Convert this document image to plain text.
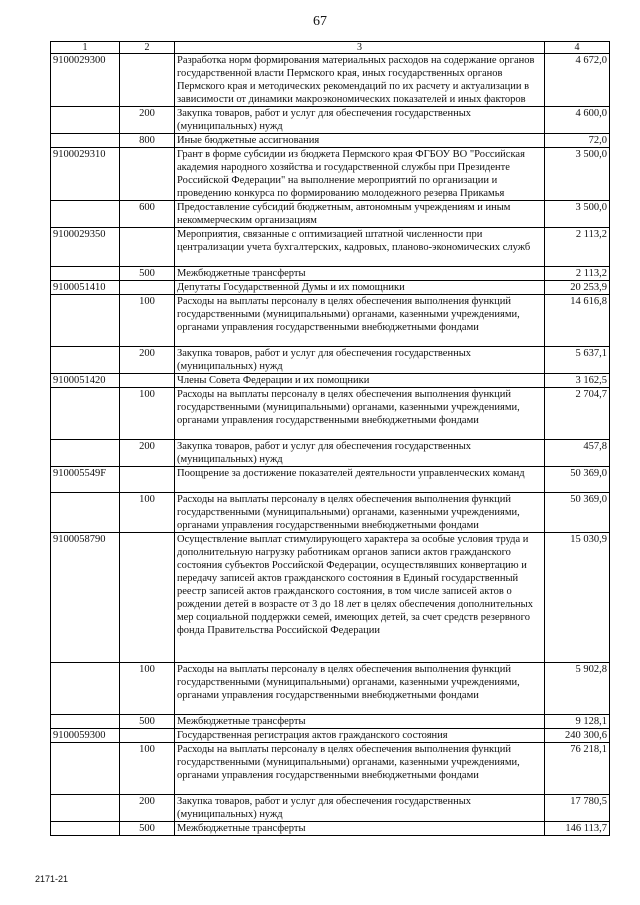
67
1	2	3	4
9100029300		Разработка норм формирования материальных расходов на содержание органов государственной власти Пермского края, иных государственных органов Пермского края и методических рекомендаций по их расчету и актуализации в зависимости от динамики макроэкономических показателей и иных факторов	4 672,0
	200	Закупка товаров, работ и услуг для обеспечения государственных (муниципальных) нужд	4 600,0
	800	Иные бюджетные ассигнования	72,0
9100029310		Грант в форме субсидии из бюджета Пермского края ФГБОУ ВО "Российская академия народного хозяйства и государственной службы при Президенте Российской Федерации" на выполнение мероприятий по организации и проведению конкурса по формированию молодежного резерва Прикамья	3 500,0
	600	Предоставление субсидий бюджетным, автономным учреждениям и иным некоммерческим организациям	3 500,0
9100029350		Мероприятия, связанные с оптимизацией штатной численности при централизации учета бухгалтерских, кадровых, планово-экономических служб	2 113,2
	500	Межбюджетные трансферты	2 113,2
9100051410		Депутаты Государственной Думы и их помощники	20 253,9
	100	Расходы на выплаты персоналу в целях обеспечения выполнения функций государственными (муниципальными) органами, казенными учреждениями, органами управления государственными внебюджетными фондами	14 616,8
	200	Закупка товаров, работ и услуг для обеспечения государственных (муниципальных) нужд	5 637,1
9100051420		Члены Совета Федерации и их помощники	3 162,5
	100	Расходы на выплаты персоналу в целях обеспечения выполнения функций государственными (муниципальными) органами, казенными учреждениями, органами управления государственными внебюджетными фондами	2 704,7
	200	Закупка товаров, работ и услуг для обеспечения государственных (муниципальных) нужд	457,8
910005549F		Поощрение за достижение показателей деятельности управленческих команд	50 369,0
	100	Расходы на выплаты персоналу в целях обеспечения выполнения функций государственными (муниципальными) органами, казенными учреждениями, органами управления государственными внебюджетными фондами	50 369,0
9100058790		Осуществление выплат стимулирующего характера за особые условия труда и дополнительную нагрузку работникам органов записи актов гражданского состояния субъектов Российской Федерации, осуществлявших конвертацию и передачу записей актов гражданского состояния в Единый государственный реестр записей актов гражданского состояния, в том числе записей актов о рождении детей в возрасте от 3 до 18 лет в целях обеспечения дополнительных мер социальной поддержки семей, имеющих детей, за счет средств резервного фонда Правительства Российской Федерации	15 030,9
	100	Расходы на выплаты персоналу в целях обеспечения выполнения функций государственными (муниципальными) органами, казенными учреждениями, органами управления государственными внебюджетными фондами	5 902,8
	500	Межбюджетные трансферты	9 128,1
9100059300		Государственная регистрация актов гражданского состояния	240 300,6
	100	Расходы на выплаты персоналу в целях обеспечения выполнения функций государственными (муниципальными) органами, казенными учреждениями, органами управления государственными внебюджетными фондами	76 218,1
	200	Закупка товаров, работ и услуг для обеспечения государственных (муниципальных) нужд	17 780,5
	500	Межбюджетные трансферты	146 113,7
2171-21
